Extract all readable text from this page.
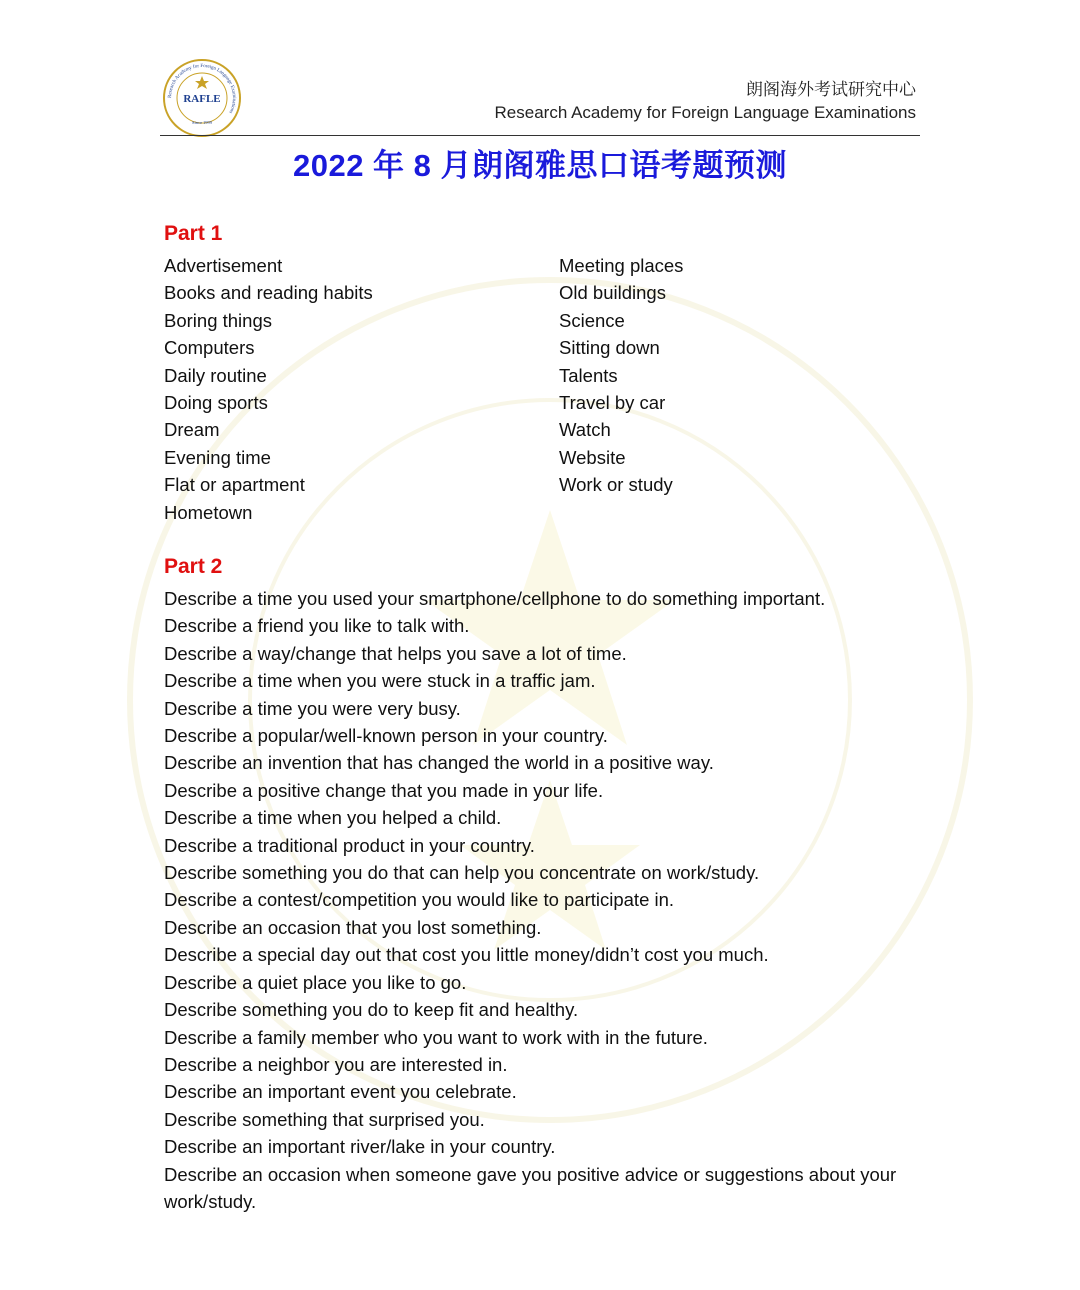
Research Academy for Foreign Language Examinations
RAFLE
Since 1999
朗阁海外考试研究中心
Research Academy for Foreign Language Examinations
2022 年 8 月朗阁雅思口语考题预测
Part 1
Advertisement
Books and reading habits
Boring things
Computers
Daily routine
Doing sports
Dream
Evening time
Flat or apartment
Hometown
Meeting places
Old buildings
Science
Sitting down
Talents
Travel by car
Watch
Website
Work or study
Part 2
Describe a time you used your smartphone/cellphone to do something important.
Describe a friend you like to talk with.
Describe a way/change that helps you save a lot of time.
Describe a time when you were stuck in a traffic jam.
Describe a time you were very busy.
Describe a popular/well-known person in your country.
Describe an invention that has changed the world in a positive way.
Describe a positive change that you made in your life.
Describe a time when you helped a child.
Describe a traditional product in your country.
Describe something you do that can help you concentrate on work/study.
Describe a contest/competition you would like to participate in.
Describe an occasion that you lost something.
Describe a special day out that cost you little money/didn’t cost you much.
Describe a quiet place you like to go.
Describe something you do to keep fit and healthy.
Describe a family member who you want to work with in the future.
Describe a neighbor you are interested in.
Describe an important event you celebrate.
Describe something that surprised you.
Describe an important river/lake in your country.
Describe an occasion when someone gave you positive advice or suggestions about your work/study.
